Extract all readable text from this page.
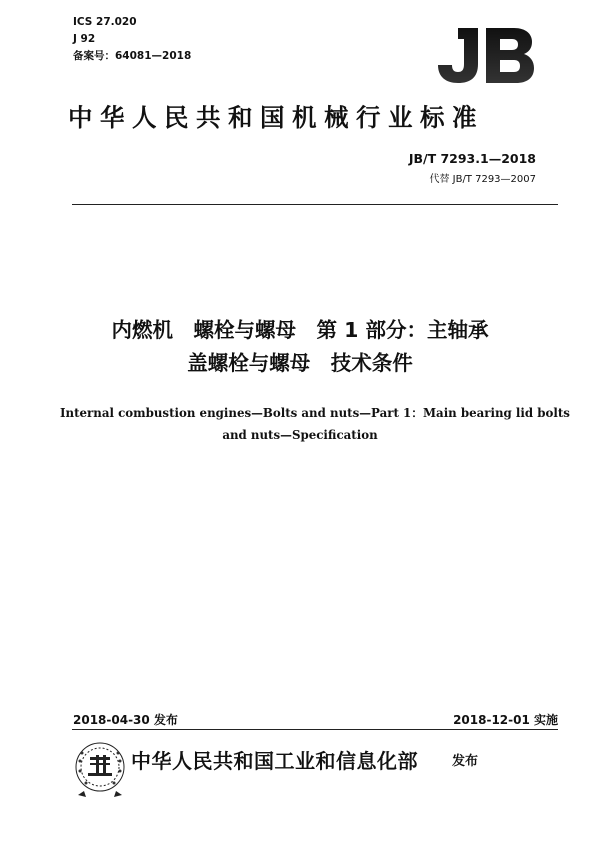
ICS 27.020
J 92
备案号：64081—2018
中华人民共和国机械行业标准
JB/T 7293.1—2018
代替 JB/T 7293—2007
内燃机　螺栓与螺母　第 1 部分：主轴承
盖螺栓与螺母　技术条件
Internal combustion engines—Bolts and nuts—Part 1：Main bearing lid bolts
and nuts—Specification
2018-04-30 发布	2018-12-01 实施
中华人民共和国工业和信息化部	发布
